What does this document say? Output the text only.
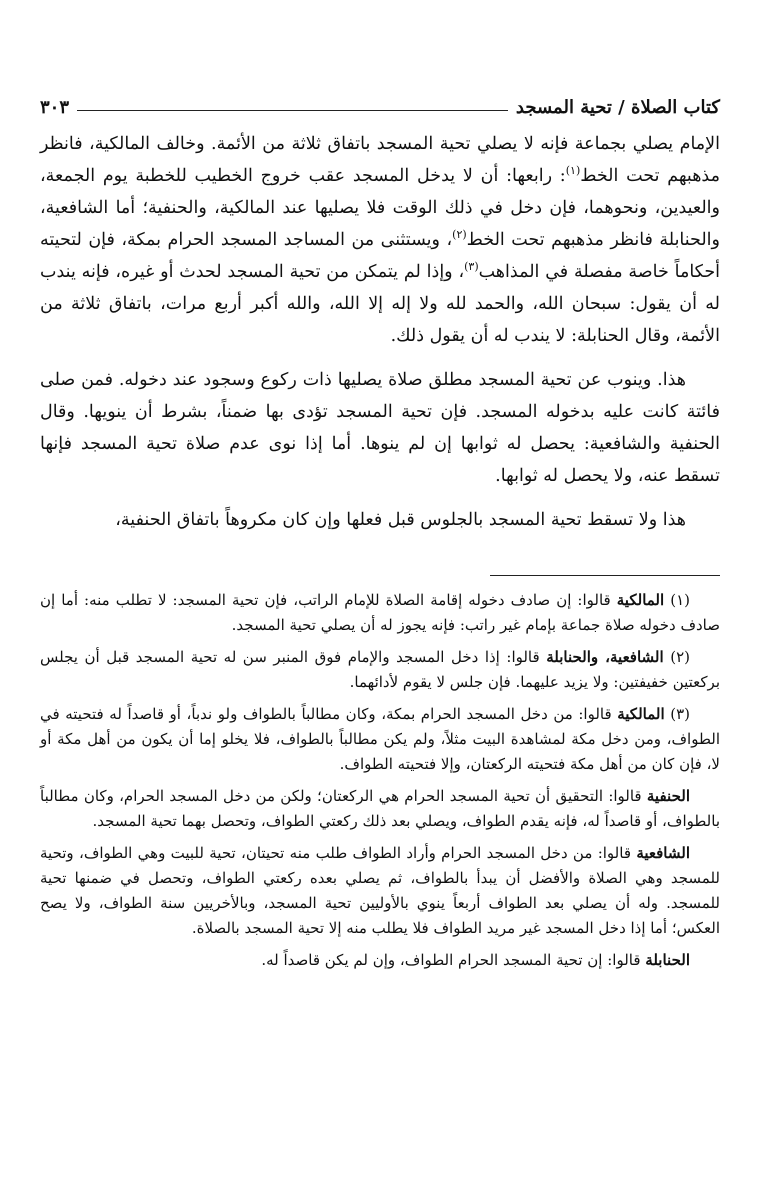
كتاب الصلاة / تحية المسجد
٣٠٣

الإمام يصلي بجماعة فإنه لا يصلي تحية المسجد باتفاق ثلاثة من الأئمة. وخالف المالكية، فانظر مذهبهم تحت الخط$^{(١)}$: رابعها: أن لا يدخل المسجد عقب خروج الخطيب للخطبة يوم الجمعة، والعيدين، ونحوهما، فإن دخل في ذلك الوقت فلا يصليها عند المالكية، والحنفية؛ أما الشافعية، والحنابلة فانظر مذهبهم تحت الخط$^{(٢)}$، ويستثنى من المساجد المسجد الحرام بمكة، فإن لتحيته أحكاماً خاصة مفصلة في المذاهب$^{(٣)}$، وإذا لم يتمكن من تحية المسجد لحدث أو غيره، فإنه يندب له أن يقول: سبحان الله، والحمد لله ولا إله إلا الله، والله أكبر أربع مرات، باتفاق ثلاثة من الأئمة، وقال الحنابلة: لا يندب له أن يقول ذلك.

هذا. وينوب عن تحية المسجد مطلق صلاة يصليها ذات ركوع وسجود عند دخوله. فمن صلى فائتة كانت عليه بدخوله المسجد. فإن تحية المسجد تؤدى بها ضمناً، بشرط أن ينويها. وقال الحنفية والشافعية: يحصل له ثوابها إن لم ينوها. أما إذا نوى عدم صلاة تحية المسجد فإنها تسقط عنه، ولا يحصل له ثوابها.

هذا ولا تسقط تحية المسجد بالجلوس قبل فعلها وإن كان مكروهاً باتفاق الحنفية،

(١) المالكية قالوا: إن صادف دخوله إقامة الصلاة للإمام الراتب، فإن تحية المسجد: لا تطلب منه: أما إن صادف دخوله صلاة جماعة بإمام غير راتب: فإنه يجوز له أن يصلي تحية المسجد.

(٢) الشافعية، والحنابلة قالوا: إذا دخل المسجد والإمام فوق المنبر سن له تحية المسجد قبل أن يجلس بركعتين خفيفتين: ولا يزيد عليهما. فإن جلس لا يقوم لأدائهما.

(٣) المالكية قالوا: من دخل المسجد الحرام بمكة، وكان مطالباً بالطواف ولو ندباً، أو قاصداً له فتحيته في الطواف، ومن دخل مكة لمشاهدة البيت مثلاً، ولم يكن مطالباً بالطواف، فلا يخلو إما أن يكون من أهل مكة أو لا، فإن كان من أهل مكة فتحيته الركعتان، وإلا فتحيته الطواف.

الحنفية قالوا: التحقيق أن تحية المسجد الحرام هي الركعتان؛ ولكن من دخل المسجد الحرام، وكان مطالباً بالطواف، أو قاصداً له، فإنه يقدم الطواف، ويصلي بعد ذلك ركعتي الطواف، وتحصل بهما تحية المسجد.

الشافعية قالوا: من دخل المسجد الحرام وأراد الطواف طلب منه تحيتان، تحية للبيت وهي الطواف، وتحية للمسجد وهي الصلاة والأفضل أن يبدأ بالطواف، ثم يصلي بعده ركعتي الطواف، وتحصل في ضمنها تحية للمسجد. وله أن يصلي بعد الطواف أربعاً ينوي بالأوليين تحية المسجد، وبالأخريين سنة الطواف، ولا يصح العكس؛ أما إذا دخل المسجد غير مريد الطواف فلا يطلب منه إلا تحية المسجد بالصلاة.

الحنابلة قالوا: إن تحية المسجد الحرام الطواف، وإن لم يكن قاصداً له.
